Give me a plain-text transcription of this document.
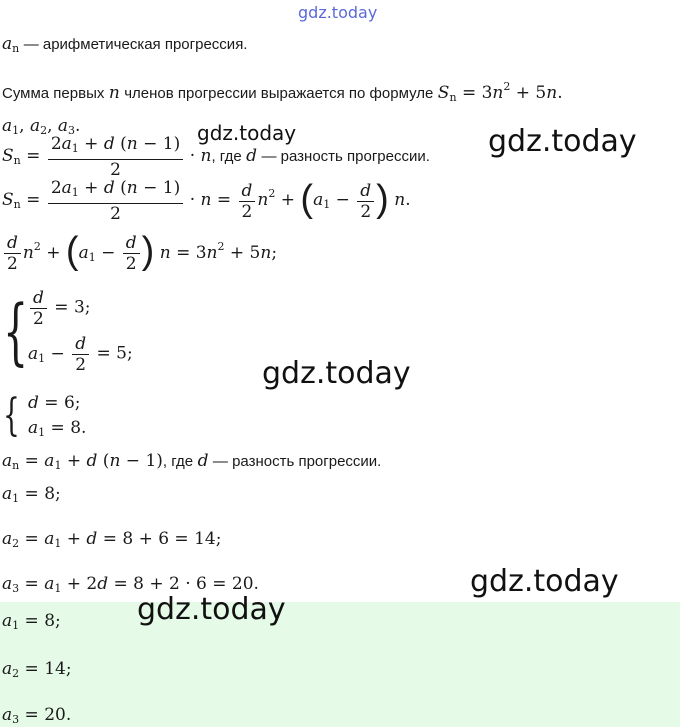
gdz.today
$a_n$ — арифметическая прогрессия.
Сумма первых n членов прогрессии выражается по формуле $S_n = 3n^2 + 5n$.
$a_1$, $a_2$, $a_3$.
$S_n = \frac{2a_1 + d (n - 1)}{2} \cdot n$, где d — разность прогрессии.
$S_n = \frac{2a_1 + d (n - 1)}{2} \cdot n = \frac{d}{2} n^2 + (a_1 - \frac{d}{2}$ ) n.
$\frac{d}{2} n^2 + (a_1 - \frac{d}{2}$ ) $n = 3n^2 + 5n$;
{ $\frac{d}{2} = 3$;
$a_1 - \frac{d}{2} = 5$;
{ d = 6;
$a_1 = 8$.
$a_n = a_1 + d$ (n − 1), где d — разность прогрессии.
$a_1 = 8$;
$a_2 = a_1 + d = 8 + 6 = 14$;
$a_3 = a_1 + 2d = 8 + 2 \cdot 6 = 20$.
$a_1 = 8$;
$a_2 = 14$;
$a_3 = 20$.
gdz.today	gdz.today
gdz.today
gdz.today
gdz.today
